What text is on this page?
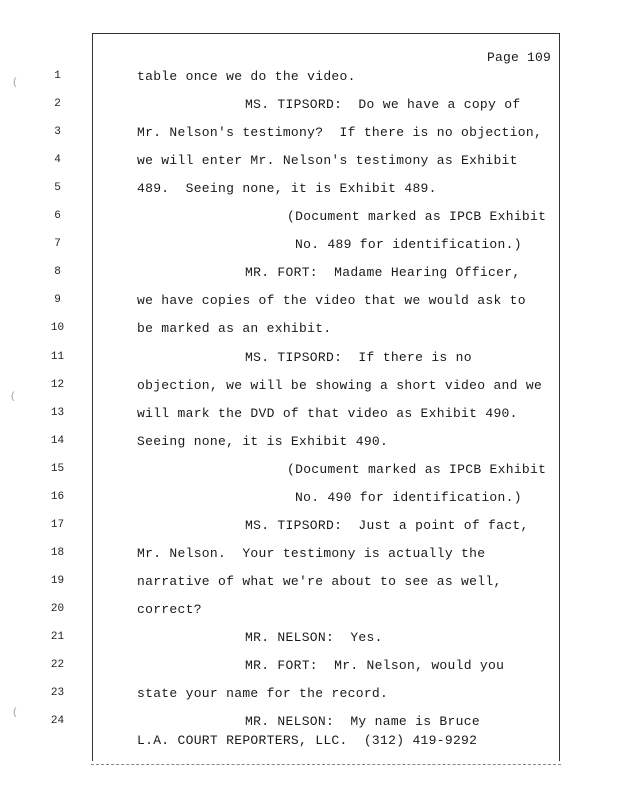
Page 109
1	table once we do the video.
2	MS. TIPSORD:  Do we have a copy of
3	Mr. Nelson's testimony?  If there is no objection,
4	we will enter Mr. Nelson's testimony as Exhibit
5	489.  Seeing none, it is Exhibit 489.
6	(Document marked as IPCB Exhibit
7	No. 489 for identification.)
8	MR. FORT:  Madame Hearing Officer,
9	we have copies of the video that we would ask to
10	be marked as an exhibit.
11	MS. TIPSORD:  If there is no
12	objection, we will be showing a short video and we
13	will mark the DVD of that video as Exhibit 490.
14	Seeing none, it is Exhibit 490.
15	(Document marked as IPCB Exhibit
16	No. 490 for identification.)
17	MS. TIPSORD:  Just a point of fact,
18	Mr. Nelson.  Your testimony is actually the
19	narrative of what we're about to see as well,
20	correct?
21	MR. NELSON:  Yes.
22	MR. FORT:  Mr. Nelson, would you
23	state your name for the record.
24	MR. NELSON:  My name is Bruce
L.A. COURT REPORTERS, LLC.  (312) 419-9292
(
(
(
